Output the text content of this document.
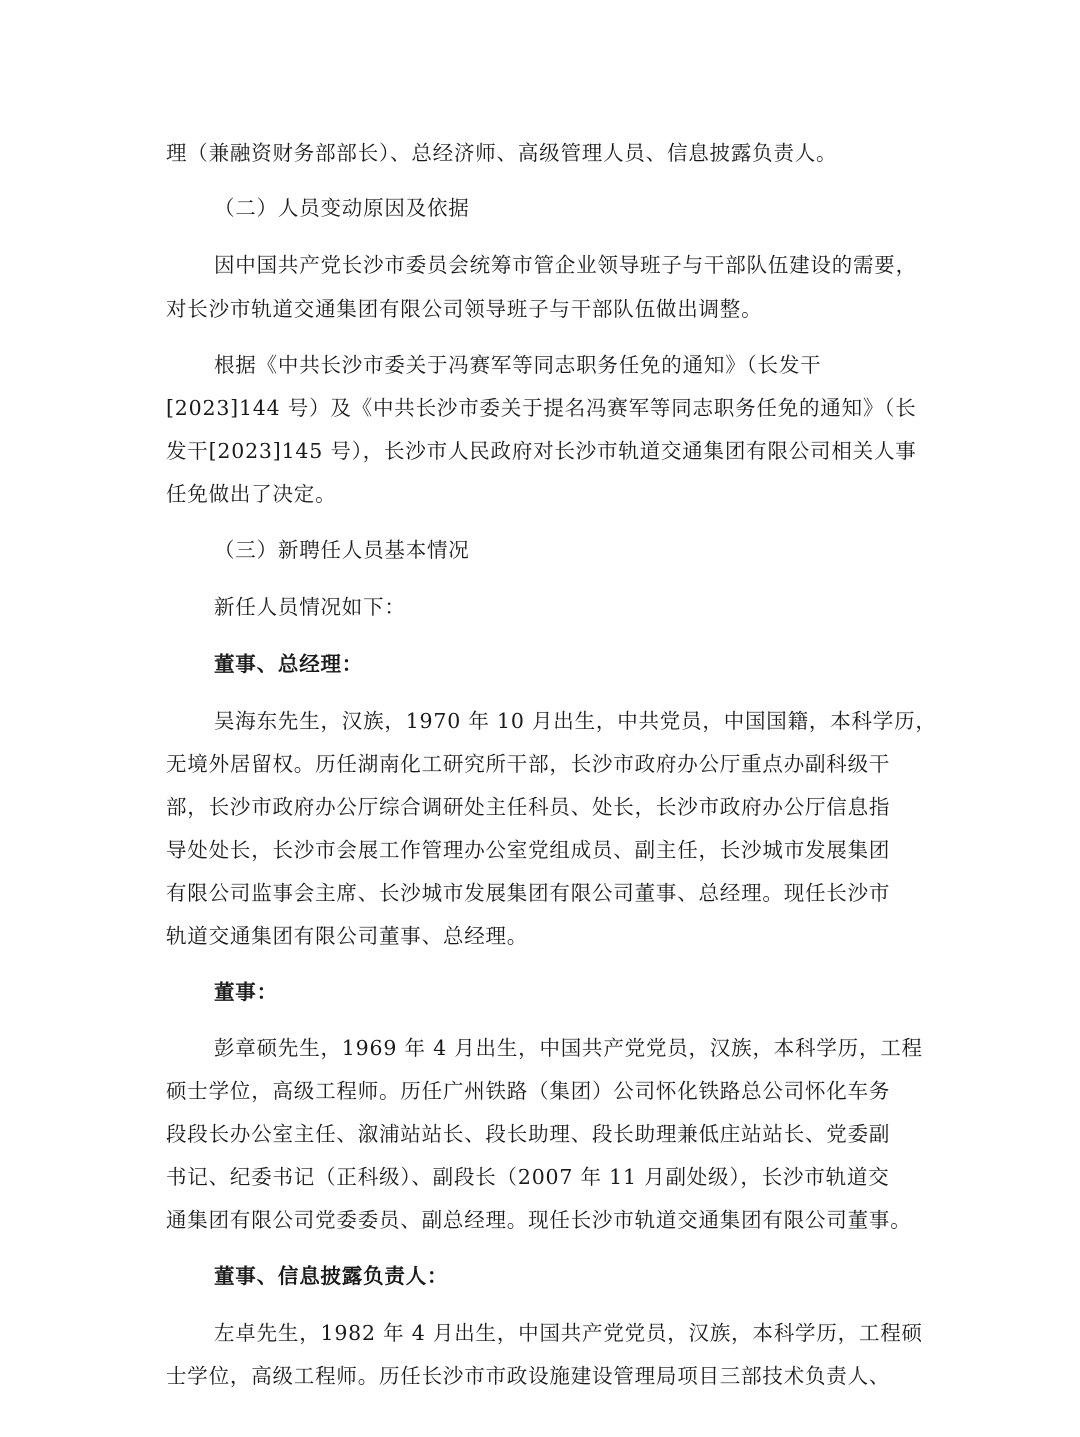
理（兼融资财务部部长）、总经济师、高级管理人员、信息披露负责人。
（二）人员变动原因及依据
因中国共产党长沙市委员会统筹市管企业领导班子与干部队伍建设的需要，
对长沙市轨道交通集团有限公司领导班子与干部队伍做出调整。
根据《中共长沙市委关于冯赛军等同志职务任免的通知》（长发干
[2023]144 号）及《中共长沙市委关于提名冯赛军等同志职务任免的通知》（长
发干[2023]145 号），长沙市人民政府对长沙市轨道交通集团有限公司相关人事
任免做出了决定。
（三）新聘任人员基本情况
新任人员情况如下：
董事、总经理：
吴海东先生，汉族，1970 年 10 月出生，中共党员，中国国籍，本科学历，
无境外居留权。历任湖南化工研究所干部，长沙市政府办公厅重点办副科级干
部，长沙市政府办公厅综合调研处主任科员、处长，长沙市政府办公厅信息指
导处处长，长沙市会展工作管理办公室党组成员、副主任，长沙城市发展集团
有限公司监事会主席、长沙城市发展集团有限公司董事、总经理。现任长沙市
轨道交通集团有限公司董事、总经理。
董事：
彭章硕先生，1969 年 4 月出生，中国共产党党员，汉族，本科学历，工程
硕士学位，高级工程师。历任广州铁路（集团）公司怀化铁路总公司怀化车务
段段长办公室主任、溆浦站站长、段长助理、段长助理兼低庄站站长、党委副
书记、纪委书记（正科级）、副段长（2007 年 11 月副处级），长沙市轨道交
通集团有限公司党委委员、副总经理。现任长沙市轨道交通集团有限公司董事。
董事、信息披露负责人：
左卓先生，1982 年 4 月出生，中国共产党党员，汉族，本科学历，工程硕
士学位，高级工程师。历任长沙市市政设施建设管理局项目三部技术负责人、
